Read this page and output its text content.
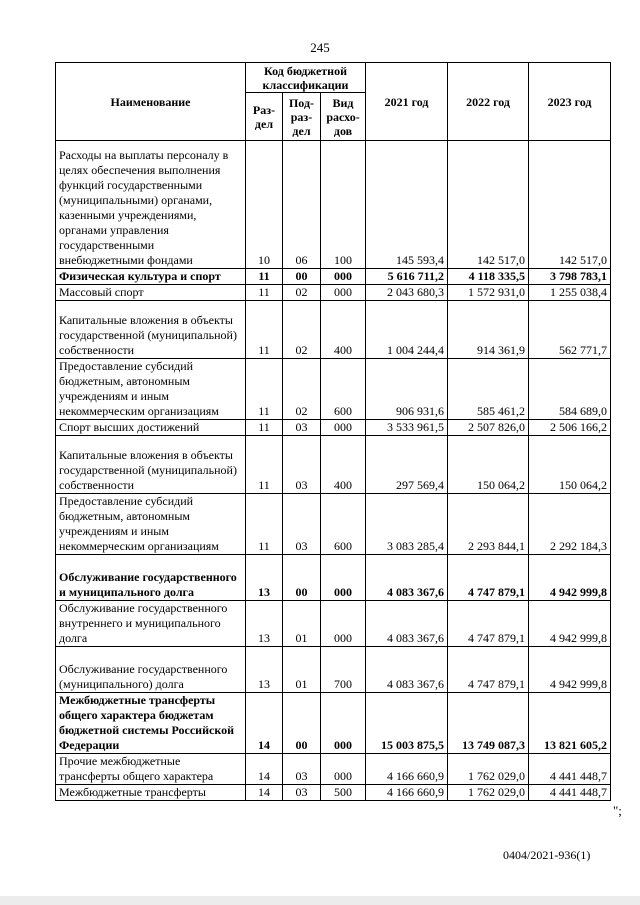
245
Наименование	Код бюджетной классификации			2021 год	2022 год	2023 год
	Раз-дел	Под-раз-дел	Вид расхо-дов			
Расходы на выплаты персоналу в целях обеспечения выполнения функций государственными (муниципальными) органами, казенными учреждениями, органами управления государственными внебюджетными фондами	10	06	100	145 593,4	142 517,0	142 517,0
Физическая культура и спорт	11	00	000	5 616 711,2	4 118 335,5	3 798 783,1
Массовый спорт	11	02	000	2 043 680,3	1 572 931,0	1 255 038,4
Капитальные вложения в объекты государственной (муниципальной) собственности	11	02	400	1 004 244,4	914 361,9	562 771,7
Предоставление субсидий бюджетным, автономным учреждениям и иным некоммерческим организациям	11	02	600	906 931,6	585 461,2	584 689,0
Спорт высших достижений	11	03	000	3 533 961,5	2 507 826,0	2 506 166,2
Капитальные вложения в объекты государственной (муниципальной) собственности	11	03	400	297 569,4	150 064,2	150 064,2
Предоставление субсидий бюджетным, автономным учреждениям и иным некоммерческим организациям	11	03	600	3 083 285,4	2 293 844,1	2 292 184,3
Обслуживание государственного и муниципального долга	13	00	000	4 083 367,6	4 747 879,1	4 942 999,8
Обслуживание государственного внутреннего и муниципального долга	13	01	000	4 083 367,6	4 747 879,1	4 942 999,8
Обслуживание государственного (муниципального) долга	13	01	700	4 083 367,6	4 747 879,1	4 942 999,8
Межбюджетные трансферты общего характера бюджетам бюджетной системы Российской Федерации	14	00	000	15 003 875,5	13 749 087,3	13 821 605,2
Прочие межбюджетные трансферты общего характера	14	03	000	4 166 660,9	1 762 029,0	4 441 448,7
Межбюджетные трансферты	14	03	500	4 166 660,9	1 762 029,0	4 441 448,7
";
0404/2021-936(1)
